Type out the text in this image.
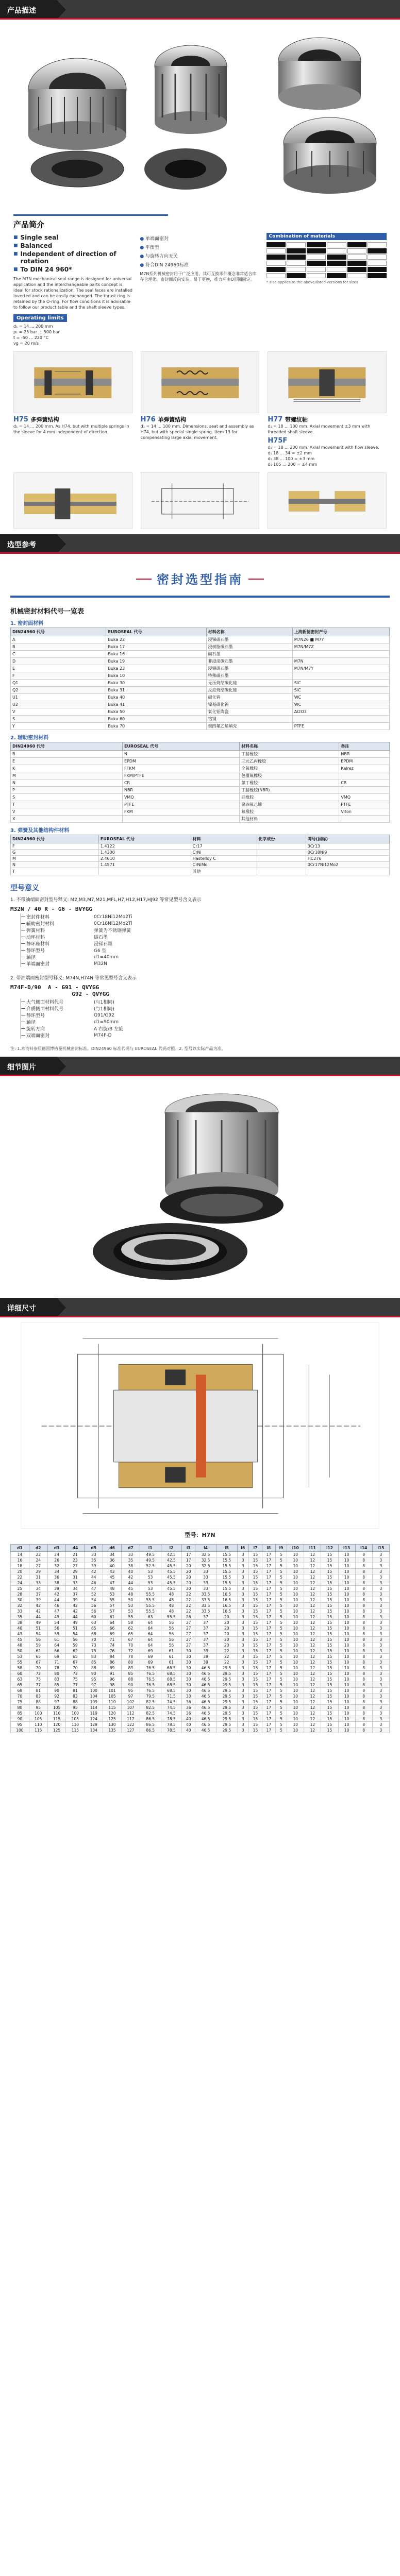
产品描述
产品简介
■ Single seal
■ Balanced
■ Independent of direction of rotation
■ To DIN 24 960*
The M7N mechanical seal range is designed for universal application and the interchangeable parts concept is ideal for stock rationalization. The seal faces are installed inverted and can be easily exchanged. The thrust ring is retained by the O-ring. For flow conditions it is advisable to follow our product table and the shaft sleeve types.
Operating limits
d₁ = 14 ... 200 mm
p₁ = 25 bar ... 500 bar
t = -50 ... 220 °C
vg = 20 m/s
● 单端面密封
● 平衡型
● 与旋转方向无关
● 符合DIN 24960标准
M7N系列机械密封用于广泛应用，其可互换零件概念非常适合库存合理化。密封面反向安装，易于更换，推力环由O形圈固定。
Combination of materials
* also applies to the above/listed versions for sizes
H75 多弹簧结构
d₁ = 14 ... 200 mm. As H74, but with multiple springs in the sleeve for 4 mm independent of direction.
H76 单弹簧结构
d₁ = 14 ... 100 mm. Dimensions, seat and assembly as H74, but with special single spring. Item 13 for compensating large axial movement.
H77 带螺纹轴
d₁ = 18 ... 100 mm. Axial movement ±3 mm with threaded shaft sleeve.
H75F
d₁ = 18 ... 200 mm. Axial movement with flow sleeve.
d₁ 18 ... 34 = ±2 mm
d₁ 38 ... 100 = ±3 mm
d₁ 105 ... 200 = ±4 mm
选型参考
密封选型指南
机械密封材料代号一览表
1. 密封面材料
DIN24960 代号	EUROSEAL 代号	材料名称	上海新德密封产号
A	Buka 22	浸锑碳石墨	M7N26 ■ M7Y
B	Buka 17	浸树脂碳石墨	M7N/M7Z
C	Buka 16	碳石墨	
D	Buka 19	非浸渍碳石墨	M7N
E	Buka 23	浸铜碳石墨	M7N/M7Y
F	Buka 10	特殊碳石墨	
Q1	Buka 30	无压烧结碳化硅	SiC
Q2	Buka 31	反应烧结碳化硅	SiC
U1	Buka 40	碳化钨	WC
U2	Buka 41	镍基碳化钨	WC
V	Buka 50	氧化铝陶瓷	Al2O3
S	Buka 60	铬钢	
Y	Buka 70	聚四氟乙烯填充	PTFE
2. 辅助密封材料
DIN24960 代号	EUROSEAL 代号	材料名称	备注
B	N	丁腈橡胶	NBR
E	EPDM	三元乙丙橡胶	EPDM
K	FFKM	全氟橡胶	Kalrez
M	FKM/PTFE	包覆氟橡胶	
N	CR	氯丁橡胶	CR
P	NBR	丁腈橡胶(NBR)	
S	VMQ	硅橡胶	VMQ
T	PTFE	聚四氟乙烯	PTFE
V	FKM	氟橡胶	Viton
X		其他材料	
3. 弹簧及其他结构件材料
DIN24960 代号	EUROSEAL 代号	材料	化学成份	牌号(国标)
F	1.4122	Cr17		3Cr13
G	1.4300	CrNi		0Cr18Ni9
M	2.4610	Hastelloy C		HC276
N	1.4571	CrNiMo		0Cr17Ni12Mo2
T		其他		
型号意义
1. 不带油端面密封型号释义: M2,M3,M7,M21,MFL,H7,H12,H17,HJ92 等常见型号含义表示
M32N / 40 R - G6 - BVYGG
密封件材料	0Cr18Ni12Mo2Ti
辅助密封材料	0Cr18Ni12Mo2Ti
弹簧材料	弹簧为不锈钢弹簧
动环材料	碳石墨
静环座材料	浸锑石墨
静环型号	G6 型
轴径	d1=40mm
单端面密封	M32N
2. 带油端面密封型号释义: M74N,H74N 等常见型号含义表示
M74F-D/90  A - G91 - QVYGG
G92 - QVYGG
大气侧面材料代号	(与1相同)
介质侧面材料代号	(与1相同)
静环型号	G91/G92
轴径	d1=90mm
旋转方向	A 右旋/B 左旋
双端面密封	M74F-D
注: 1.本资料参照德国博格曼机械密封标准。DIN24960 标准代码与 EUROSEAL 代码对照。2. 型号以实际产品为准。
细节图片
详细尺寸
型号：H7N
d1	d2	d3	d4	d5	d6	d7	l1	l2	l3	l4	l5	l6	l7	l8	l9	l10	l11	l12	l13	l14	l15
14	22	24	21	33	34	33	49.5	42.5	17	32.5	15.5	3	15	17	5	10	12	15	10	8	3
16	24	26	23	35	36	35	49.5	42.5	17	32.5	15.5	3	15	17	5	10	12	15	10	8	3
18	27	32	27	39	40	38	52.5	45.5	20	32.5	15.5	3	15	17	5	10	12	15	10	8	3
20	29	34	29	42	43	40	53	45.5	20	33	15.5	3	15	17	5	10	12	15	10	8	3
22	31	36	31	44	45	42	53	45.5	20	33	15.5	3	15	17	5	10	12	15	10	8	3
24	33	38	33	46	47	44	53	45.5	20	33	15.5	3	15	17	5	10	12	15	10	8	3
25	34	39	34	47	48	45	53	45.5	20	33	15.5	3	15	17	5	10	12	15	10	8	3
28	37	42	37	52	53	48	55.5	48	22	33.5	16.5	3	15	17	5	10	12	15	10	8	3
30	39	44	39	54	55	50	55.5	48	22	33.5	16.5	3	15	17	5	10	12	15	10	8	3
32	42	46	42	56	57	53	55.5	48	22	33.5	16.5	3	15	17	5	10	12	15	10	8	3
33	42	47	42	56	57	53	55.5	48	22	33.5	16.5	3	15	17	5	10	12	15	10	8	3
35	44	49	44	60	61	55	63	55.5	26	37	20	3	15	17	5	10	12	15	10	8	3
38	49	54	49	63	64	58	64	56	27	37	20	3	15	17	5	10	12	15	10	8	3
40	51	56	51	65	66	62	64	56	27	37	20	3	15	17	5	10	12	15	10	8	3
43	54	59	54	68	69	65	64	56	27	37	20	3	15	17	5	10	12	15	10	8	3
45	56	61	56	70	71	67	64	56	27	37	20	3	15	17	5	10	12	15	10	8	3
48	59	64	59	73	74	70	64	56	27	37	20	3	15	17	5	10	12	15	10	8	3
50	62	66	62	75	76	72	69	61	30	39	22	3	15	17	5	10	12	15	10	8	3
53	65	69	65	83	84	78	69	61	30	39	22	3	15	17	5	10	12	15	10	8	3
55	67	71	67	85	86	80	69	61	30	39	22	3	15	17	5	10	12	15	10	8	3
58	70	78	70	88	89	83	76.5	68.5	30	46.5	29.5	3	15	17	5	10	12	15	10	8	3
60	72	80	72	90	91	85	76.5	68.5	30	46.5	29.5	3	15	17	5	10	12	15	10	8	3
63	75	83	75	95	96	88	76.5	68.5	30	46.5	29.5	3	15	17	5	10	12	15	10	8	3
65	77	85	77	97	98	90	76.5	68.5	30	46.5	29.5	3	15	17	5	10	12	15	10	8	3
68	81	90	81	100	101	95	76.5	68.5	30	46.5	29.5	3	15	17	5	10	12	15	10	8	3
70	83	92	83	104	105	97	79.5	71.5	33	46.5	29.5	3	15	17	5	10	12	15	10	8	3
75	88	97	88	109	110	102	82.5	74.5	36	46.5	29.5	3	15	17	5	10	12	15	10	8	3
80	95	105	95	114	115	107	82.5	74.5	36	46.5	29.5	3	15	17	5	10	12	15	10	8	3
85	100	110	100	119	120	112	82.5	74.5	36	46.5	29.5	3	15	17	5	10	12	15	10	8	3
90	105	115	105	124	125	117	86.5	78.5	40	46.5	29.5	3	15	17	5	10	12	15	10	8	3
95	110	120	110	129	130	122	86.5	78.5	40	46.5	29.5	3	15	17	5	10	12	15	10	8	3
100	115	125	115	134	135	127	86.5	78.5	40	46.5	29.5	3	15	17	5	10	12	15	10	8	3
